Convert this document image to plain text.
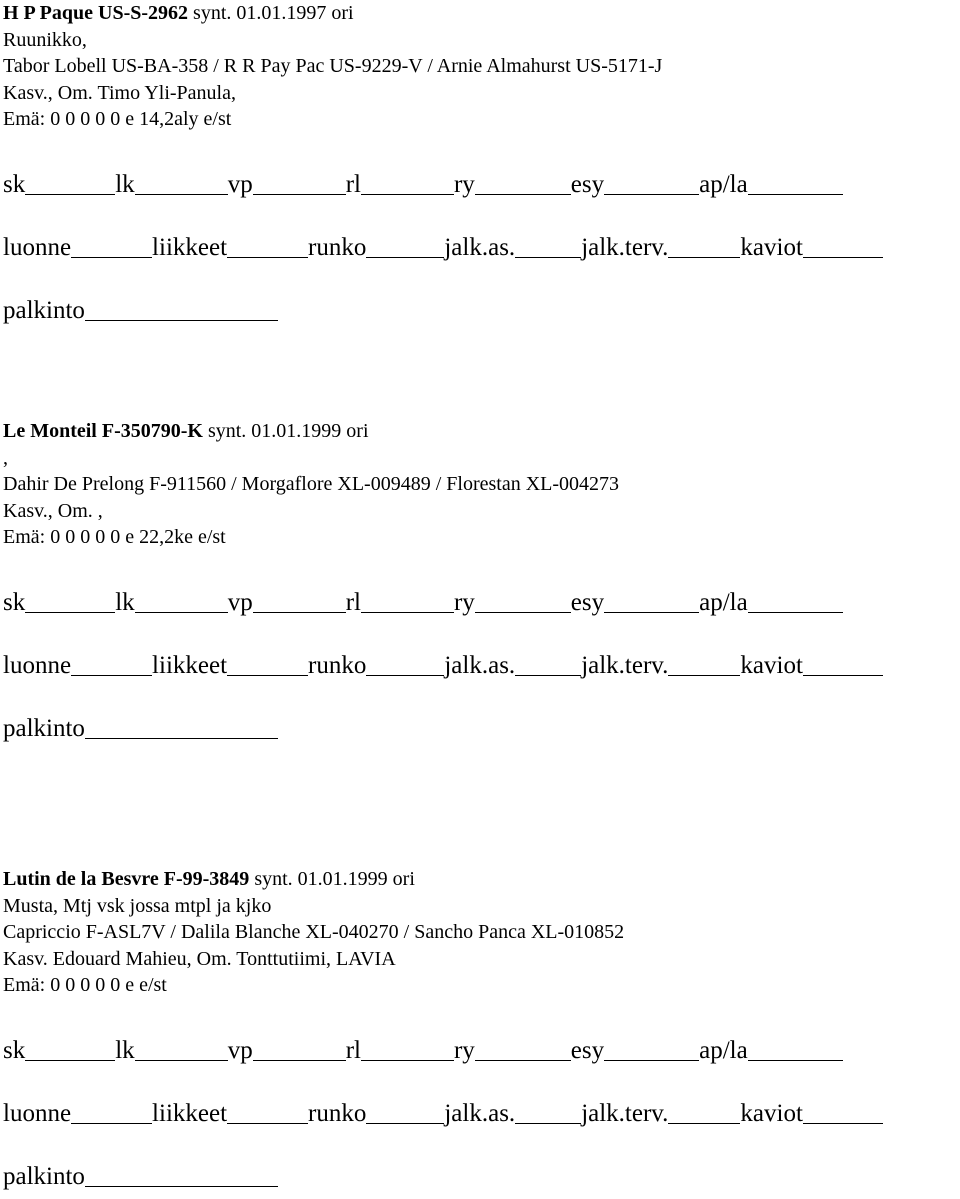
H P Paque US-S-2962 synt. 01.01.1997 ori
Ruunikko,
Tabor Lobell US-BA-358 / R R Pay Pac US-9229-V / Arnie Almahurst US-5171-J
Kasv., Om. Timo Yli-Panula,
Emä: 0 0 0 0 0 e 14,2aly e/st
sk	lk	vp	rl	ry	esy	ap/la
luonne	liikkeet	runko	jalk.as.	jalk.terv.	kaviot
palkinto
Le Monteil F-350790-K synt. 01.01.1999 ori
,
Dahir De Prelong F-911560 / Morgaflore XL-009489 / Florestan XL-004273
Kasv., Om. ,
Emä: 0 0 0 0 0 e 22,2ke e/st
sk	lk	vp	rl	ry	esy	ap/la
luonne	liikkeet	runko	jalk.as.	jalk.terv.	kaviot
palkinto
Lutin de la Besvre F-99-3849 synt. 01.01.1999 ori
Musta, Mtj vsk jossa mtpl ja kjko
Capriccio F-ASL7V / Dalila Blanche XL-040270 / Sancho Panca XL-010852
Kasv. Edouard Mahieu, Om. Tonttutiimi, LAVIA
Emä: 0 0 0 0 0 e e/st
sk	lk	vp	rl	ry	esy	ap/la
luonne	liikkeet	runko	jalk.as.	jalk.terv.	kaviot
palkinto
